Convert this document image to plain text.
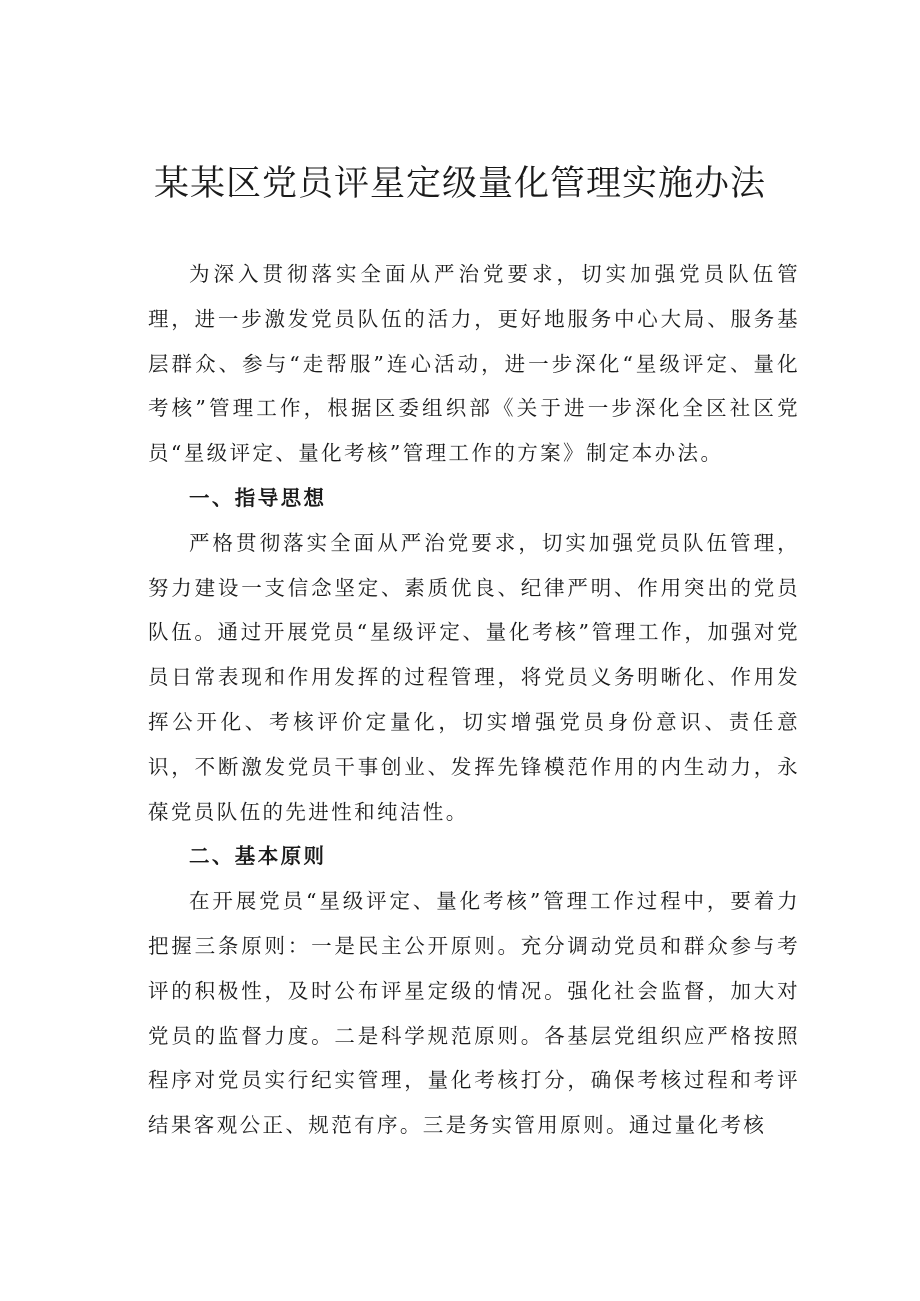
某某区党员评星定级量化管理实施办法

为深入贯彻落实全面从严治党要求，切实加强党员队伍管理，进一步激发党员队伍的活力，更好地服务中心大局、服务基层群众、参与“走帮服”连心活动，进一步深化“星级评定、量化考核”管理工作，根据区委组织部《关于进一步深化全区社区党员“星级评定、量化考核”管理工作的方案》制定本办法。

一、指导思想

严格贯彻落实全面从严治党要求，切实加强党员队伍管理，努力建设一支信念坚定、素质优良、纪律严明、作用突出的党员队伍。通过开展党员“星级评定、量化考核”管理工作，加强对党员日常表现和作用发挥的过程管理，将党员义务明晰化、作用发挥公开化、考核评价定量化，切实增强党员身份意识、责任意识，不断激发党员干事创业、发挥先锋模范作用的内生动力，永葆党员队伍的先进性和纯洁性。

二、基本原则

在开展党员“星级评定、量化考核”管理工作过程中，要着力把握三条原则：一是民主公开原则。充分调动党员和群众参与考评的积极性，及时公布评星定级的情况。强化社会监督，加大对党员的监督力度。二是科学规范原则。各基层党组织应严格按照程序对党员实行纪实管理，量化考核打分，确保考核过程和考评结果客观公正、规范有序。三是务实管用原则。通过量化考核
